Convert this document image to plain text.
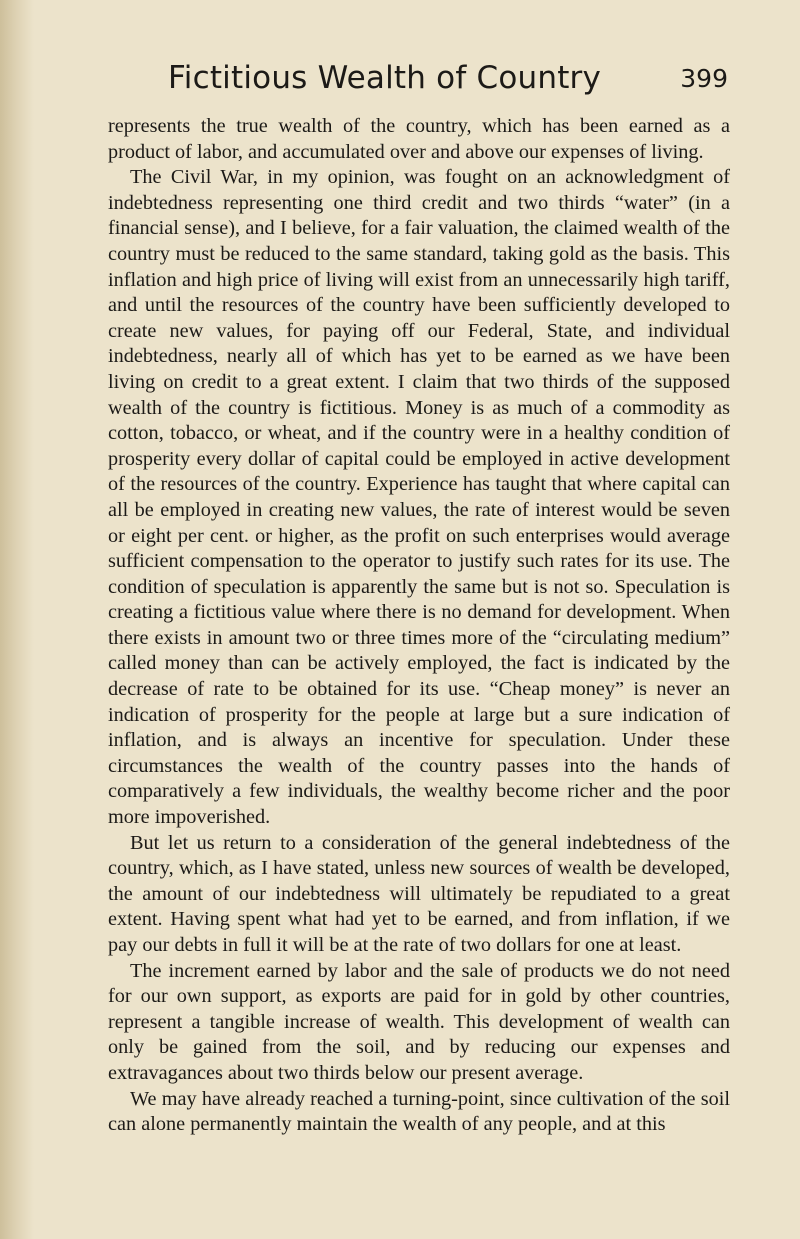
Fictitious Wealth of Country	399

represents the true wealth of the country, which has been earned as a product of labor, and accumulated over and above our expenses of living.

The Civil War, in my opinion, was fought on an acknowledgment of indebtedness representing one third credit and two thirds “water” (in a financial sense), and I believe, for a fair valuation, the claimed wealth of the country must be reduced to the same standard, taking gold as the basis. This inflation and high price of living will exist from an unnecessarily high tariff, and until the resources of the country have been sufficiently developed to create new values, for paying off our Federal, State, and individual indebtedness, nearly all of which has yet to be earned as we have been living on credit to a great extent. I claim that two thirds of the supposed wealth of the country is fictitious. Money is as much of a commodity as cotton, tobacco, or wheat, and if the country were in a healthy condition of prosperity every dollar of capital could be employed in active development of the resources of the country. Experience has taught that where capital can all be employed in creating new values, the rate of interest would be seven or eight per cent. or higher, as the profit on such enterprises would average sufficient compensation to the operator to justify such rates for its use. The condition of speculation is apparently the same but is not so. Speculation is creating a fictitious value where there is no demand for development. When there exists in amount two or three times more of the “circulating medium” called money than can be actively employed, the fact is indicated by the decrease of rate to be obtained for its use. “Cheap money” is never an indication of prosperity for the people at large but a sure indication of inflation, and is always an incentive for speculation. Under these circumstances the wealth of the country passes into the hands of comparatively a few individuals, the wealthy become richer and the poor more impoverished.

But let us return to a consideration of the general indebtedness of the country, which, as I have stated, unless new sources of wealth be developed, the amount of our indebtedness will ultimately be repudiated to a great extent. Having spent what had yet to be earned, and from inflation, if we pay our debts in full it will be at the rate of two dollars for one at least.

The increment earned by labor and the sale of products we do not need for our own support, as exports are paid for in gold by other countries, represent a tangible increase of wealth. This development of wealth can only be gained from the soil, and by reducing our expenses and extravagances about two thirds below our present average.

We may have already reached a turning-point, since cultivation of the soil can alone permanently maintain the wealth of any people, and at this
